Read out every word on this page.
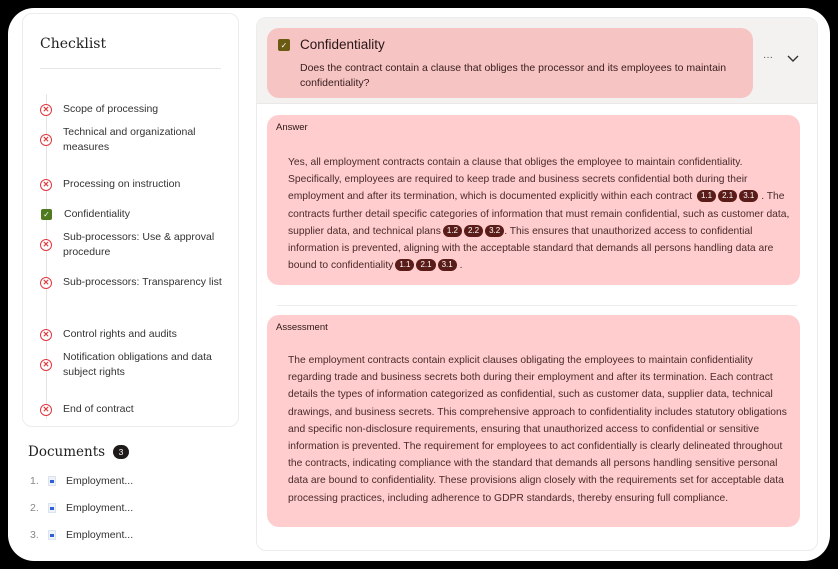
Checklist
✕ Scope of processing
✕
Technical and organizational measures
✕ Processing on instruction
✓ Confidentiality
✕
Sub-processors: Use & approval procedure
✕ Sub-processors: Transparency list
✕ Control rights and audits
✕
Notification obligations and data subject rights
✕ End of contract
Documents	3
1.	Employment...
2.	Employment...
3.	Employment...
✓ Confidentiality
Does the contract contain a clause that obliges the processor and its employees to maintain confidentiality?
···
Answer
Yes, all employment contracts contain a clause that obliges the employee to maintain confidentiality. Specifically, employees are required to keep trade and business secrets confidential both during their employment and after its termination, which is documented explicitly within each contract 1.1 2.1 3.1 . The contracts further detail specific categories of information that must remain confidential, such as customer data, supplier data, and technical plans 1.2 2.2 3.2 . This ensures that unauthorized access to confidential information is prevented, aligning with the acceptable standard that demands all persons handling data are bound to confidentiality 1.1 2.1 3.1 .
Assessment
The employment contracts contain explicit clauses obligating the employees to maintain confidentiality regarding trade and business secrets both during their employment and after its termination. Each contract details the types of information categorized as confidential, such as customer data, supplier data, technical drawings, and business secrets. This comprehensive approach to confidentiality includes statutory obligations and specific non-disclosure requirements, ensuring that unauthorized access to confidential or sensitive information is prevented. The requirement for employees to act confidentially is clearly delineated throughout the contracts, indicating compliance with the standard that demands all persons handling sensitive personal data are bound to confidentiality. These provisions align closely with the requirements set for acceptable data processing practices, including adherence to GDPR standards, thereby ensuring full compliance.
